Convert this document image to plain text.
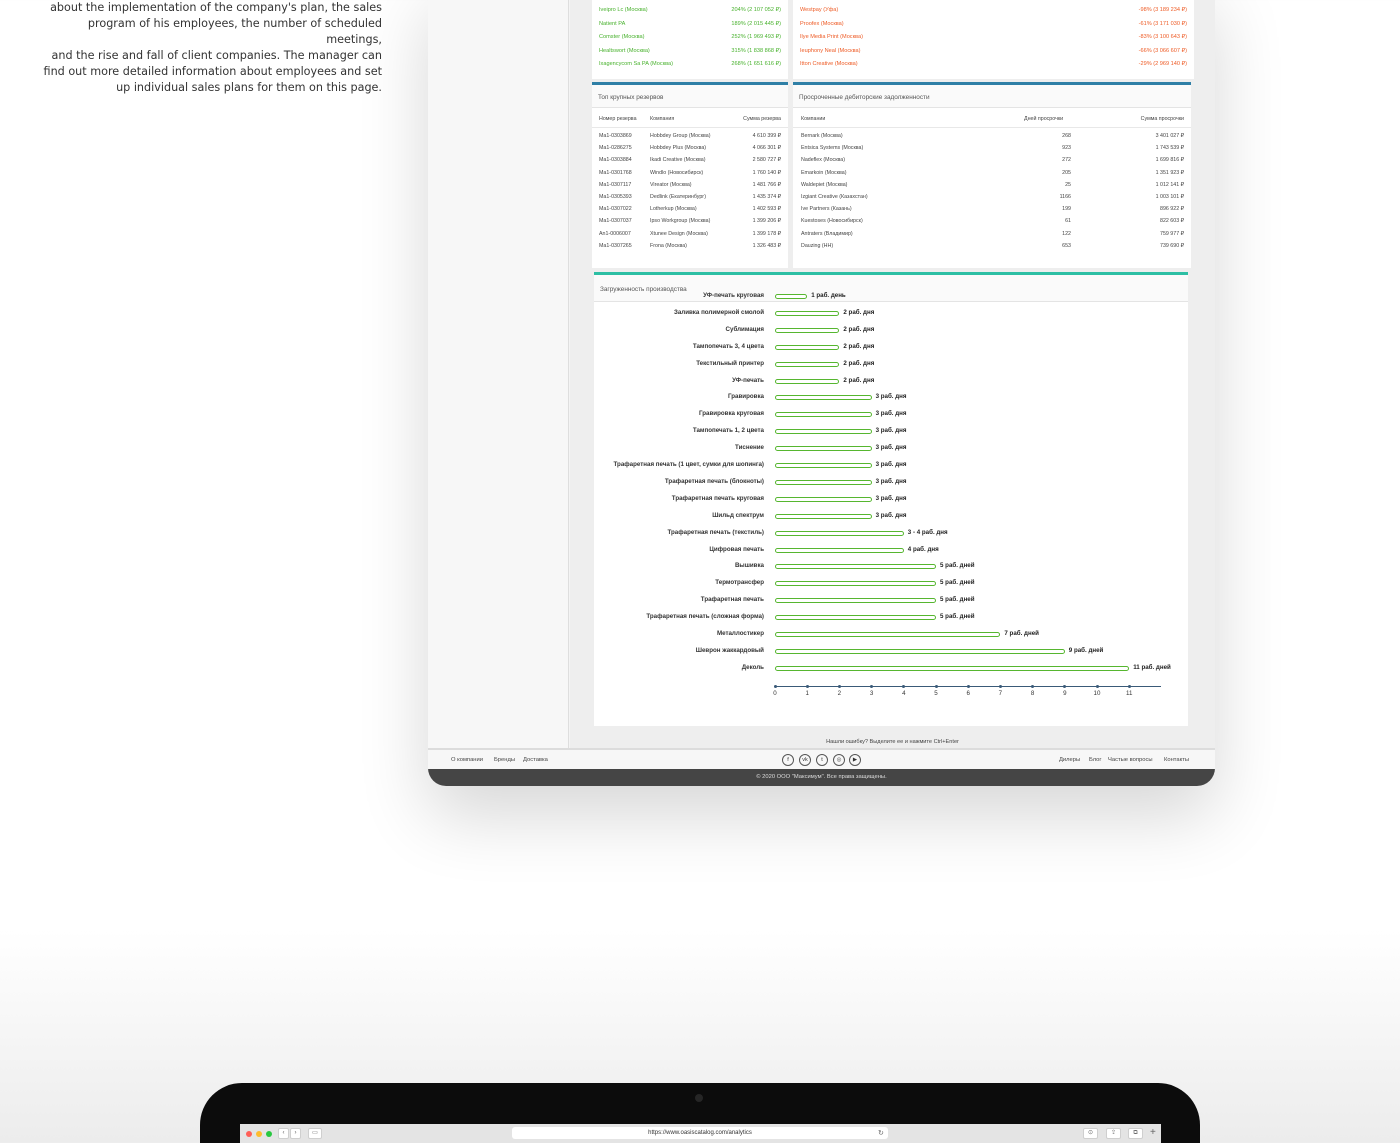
about the implementation of the company's plan, the sales
program of his employees, the number of scheduled meetings,
and the rise and fall of client companies. The manager can
find out more detailed information about employees and set
up individual sales plans for them on this page.
Iveipro Lc (Москва)	204% (2 107 052 ₽)
Natient PA	189% (2 015 445 ₽)
Comster (Москва)	252% (1 969 493 ₽)
Healtswort (Москва)	315% (1 838 868 ₽)
Ixagencycom Sa PA (Москва)	268% (1 651 616 ₽)
Westpay (Уфа)	-98% (3 189 234 ₽)
Proofex (Москва)	-61% (3 171 030 ₽)
Ilye Media Print (Москва)	-83% (3 100 643 ₽)
Ieuphony Neal (Москва)	-66% (3 066 607 ₽)
Itton Creative (Москва)	-29% (2 969 140 ₽)
Топ крупных резервов
Номер резерва	Компания	Сумма резерва
Ma1-0303869	Hobbdey Group (Москва)	4 610 399 ₽
Ma1-0286275	Hobbdey Plus (Москва)	4 066 301 ₽
Ma1-0303884	Ikadi Creative (Москва)	2 580 727 ₽
Ma1-0301768	Windlo (Новосибирск)	1 760 140 ₽
Ma1-0307117	Vireator (Москва)	1 481 766 ₽
Ma1-0305393	Dedlink (Екатеринбург)	1 435 374 ₽
Ma1-0307022	Lotherkup (Москва)	1 402 593 ₽
Ma1-0307037	Ipso Workgroup (Москва)	1 399 206 ₽
An1-0006007	Xtunee Design (Москва)	1 399 178 ₽
Ma1-0307265	Frona (Москва)	1 326 483 ₽
Просроченные дебиторские задолженности
Компании	Дней просрочки	Сумма просрочки
Bernark (Москва)	268	3 401 027 ₽
Entsica Systems (Москва)	923	1 743 539 ₽
Nadeflex (Москва)	272	1 699 816 ₽
Emarkoin (Москва)	205	1 351 923 ₽
Waldepiet (Москва)	25	1 012 141 ₽
Izgiant Creative (Казахстан)	1166	1 003 101 ₽
Ive Partners (Казань)	199	896 922 ₽
Kuestoses (Новосибирск)	61	822 603 ₽
Antraters (Владимир)	122	759 977 ₽
Dauzing (НН)	653	739 690 ₽
Загруженность производства
УФ-печать круговая	1 раб. день
Заливка полимерной смолой	2 раб. дня
Сублимация	2 раб. дня
Тампопечать 3, 4 цвета	2 раб. дня
Текстильный принтер	2 раб. дня
УФ-печать	2 раб. дня
Гравировка	3 раб. дня
Гравировка круговая	3 раб. дня
Тампопечать 1, 2 цвета	3 раб. дня
Тиснение	3 раб. дня
Трафаретная печать (1 цвет, сумки для шопинга)	3 раб. дня
Трафаретная печать (блокноты)	3 раб. дня
Трафаретная печать круговая	3 раб. дня
Шильд спектрум	3 раб. дня
Трафаретная печать (текстиль)	3 - 4 раб. дня
Цифровая печать	4 раб. дня
Вышивка	5 раб. дней
Термотрансфер	5 раб. дней
Трафаретная печать	5 раб. дней
Трафаретная печать (сложная форма)	5 раб. дней
Металлостикер	7 раб. дней
Шеврон жаккардовый	9 раб. дней
Деколь	11 раб. дней
0	1	2	3	4	5	6	7	8	9	10	11
Нашли ошибку? Выделите ее и нажмите Ctrl+Enter
О компании Бренды Доставка	f	vk	t	◎	▶	Дилеры Блог Частые вопросы Контакты
© 2020 ООО "Максимум". Все права защищены.
‹	›	▭	https://www.oasiscatalog.com/analytics	↻	⊙	⇪	⧉	+
